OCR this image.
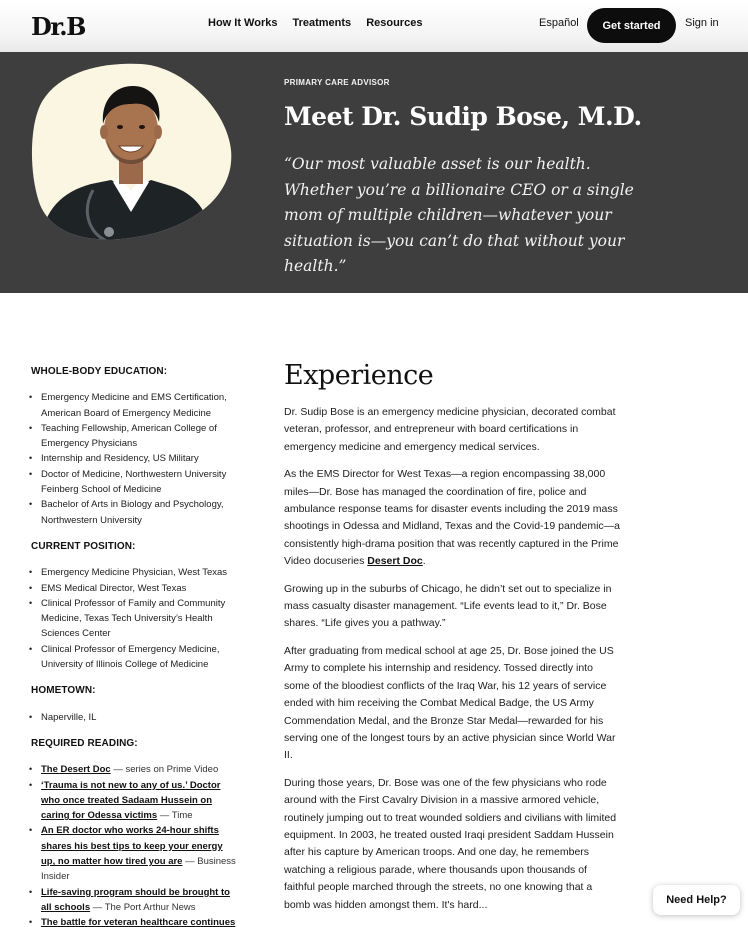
Dr.B	How It Works Treatments Resources	Español	Get started	Sign in
PRIMARY CARE ADVISOR
Meet Dr. Sudip Bose, M.D.
“Our most valuable asset is our health. Whether you’re a billionaire CEO or a single mom of multiple children—whatever your situation is—you can’t do that without your health.”
WHOLE-BODY EDUCATION:
• Emergency Medicine and EMS Certification, American Board of Emergency Medicine
• Teaching Fellowship, American College of Emergency Physicians
• Internship and Residency, US Military
• Doctor of Medicine, Northwestern University Feinberg School of Medicine
• Bachelor of Arts in Biology and Psychology, Northwestern University
CURRENT POSITION:
• Emergency Medicine Physician, West Texas
• EMS Medical Director, West Texas
• Clinical Professor of Family and Community Medicine, Texas Tech University’s Health Sciences Center
• Clinical Professor of Emergency Medicine, University of Illinois College of Medicine
HOMETOWN:
• Naperville, IL
REQUIRED READING:
• The Desert Doc — series on Prime Video
• ‘Trauma is not new to any of us.’ Doctor who once treated Sadaam Hussein on caring for Odessa victims — Time
• An ER doctor who works 24-hour shifts shares his best tips to keep your energy up, no matter how tired you are — Business Insider
• Life-saving program should be brought to all schools — The Port Arthur News
• The battle for veteran healthcare continues
Experience

Dr. Sudip Bose is an emergency medicine physician, decorated combat veteran, professor, and entrepreneur with board certifications in emergency medicine and emergency medical services.

As the EMS Director for West Texas—a region encompassing 38,000 miles—Dr. Bose has managed the coordination of fire, police and ambulance response teams for disaster events including the 2019 mass shootings in Odessa and Midland, Texas and the Covid-19 pandemic—a consistently high-drama position that was recently captured in the Prime Video docuseries Desert Doc.

Growing up in the suburbs of Chicago, he didn’t set out to specialize in mass casualty disaster management. “Life events lead to it,” Dr. Bose shares. “Life gives you a pathway.”

After graduating from medical school at age 25, Dr. Bose joined the US Army to complete his internship and residency. Tossed directly into some of the bloodiest conflicts of the Iraq War, his 12 years of service ended with him receiving the Combat Medical Badge, the US Army Commendation Medal, and the Bronze Star Medal—rewarded for his serving one of the longest tours by an active physician since World War II.

During those years, Dr. Bose was one of the few physicians who rode around with the First Cavalry Division in a massive armored vehicle, routinely jumping out to treat wounded soldiers and civilians with limited equipment. In 2003, he treated ousted Iraqi president Saddam Hussein after his capture by American troops. And one day, he remembers watching a religious parade, where thousands upon thousands of faithful people marched through the streets, no one knowing that a bomb was hidden amongst them. It's hard...	Need Help?
